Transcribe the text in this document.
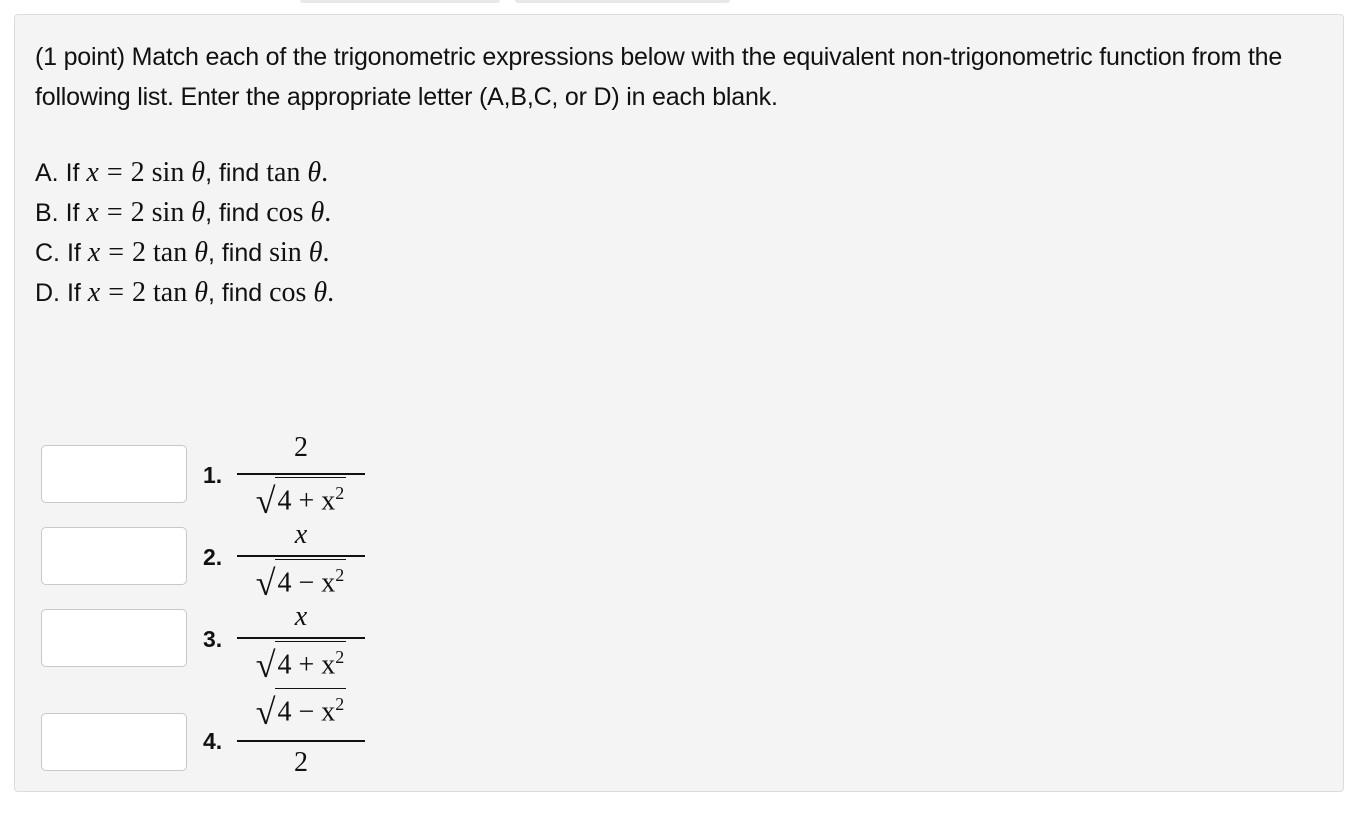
(1 point) Match each of the trigonometric expressions below with the equivalent non-trigonometric function from the following list. Enter the appropriate letter (A,B,C, or D) in each blank.
A. If x = 2 sin θ, find tan θ.
B. If x = 2 sin θ, find cos θ.
C. If x = 2 tan θ, find sin θ.
D. If x = 2 tan θ, find cos θ.
1.
2
$√4 + x^2$
2.
x
$√4 - x^2$
3.
x
$√4 + x^2$
4.
$√4 - x^2$
2
